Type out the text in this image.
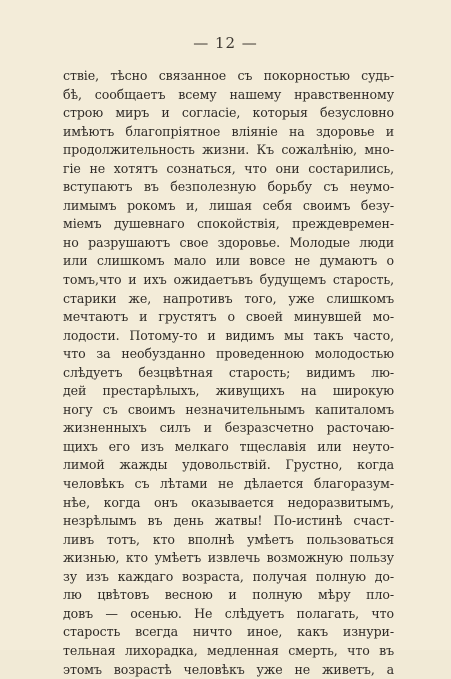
— 12 —
ствіе, тѣсно связанное съ покорностью судь-
бѣ, сообщаетъ всему нашему нравственному
строю миръ и согласіе, которыя безусловно
имѣютъ благопріятное вліяніе на здоровье и
продолжительность жизни. Къ сожалѣнію, мно-
гіе не хотятъ сознаться, что они состарились,
вступаютъ въ безполезную борьбу съ неумо-
лимымъ рокомъ и, лишая себя своимъ безу-
міемъ душевнаго спокойствія, преждевремен-
но разрушаютъ свое здоровье. Молодые люди
или слишкомъ мало или вовсе не думаютъ о
томъ,что и ихъ ожидаетъвъ будущемъ старость,
старики же, напротивъ того, уже слишкомъ
мечтаютъ и грустятъ о своей минувшей мо-
лодости. Потому-то и видимъ мы такъ часто,
что за необузданно проведенною молодостью
слѣдуетъ безцвѣтная старость; видимъ лю-
дей престарѣлыхъ, живущихъ на широкую
ногу съ своимъ незначительнымъ капиталомъ
жизненныхъ силъ и безразсчетно расточаю-
щихъ его изъ мелкаго тщеславія или неуто-
лимой жажды удовольствій. Грустно, когда
человѣкъ съ лѣтами не дѣлается благоразум-
нѣе, когда онъ оказывается недоразвитымъ,
незрѣлымъ въ день жатвы! По-истинѣ счаст-
ливъ тотъ, кто вполнѣ умѣетъ пользоваться
жизнью, кто умѣетъ извлечь возможную пользу
зу изъ каждаго возраста, получая полную до-
лю цвѣтовъ весною и полную мѣру пло-
довъ — осенью. Не слѣдуетъ полагать, что
старость всегда ничто иное, какъ изнури-
тельная лихорадка, медленная смерть, что въ
этомъ возрастѣ человѣкъ уже не живетъ, а
